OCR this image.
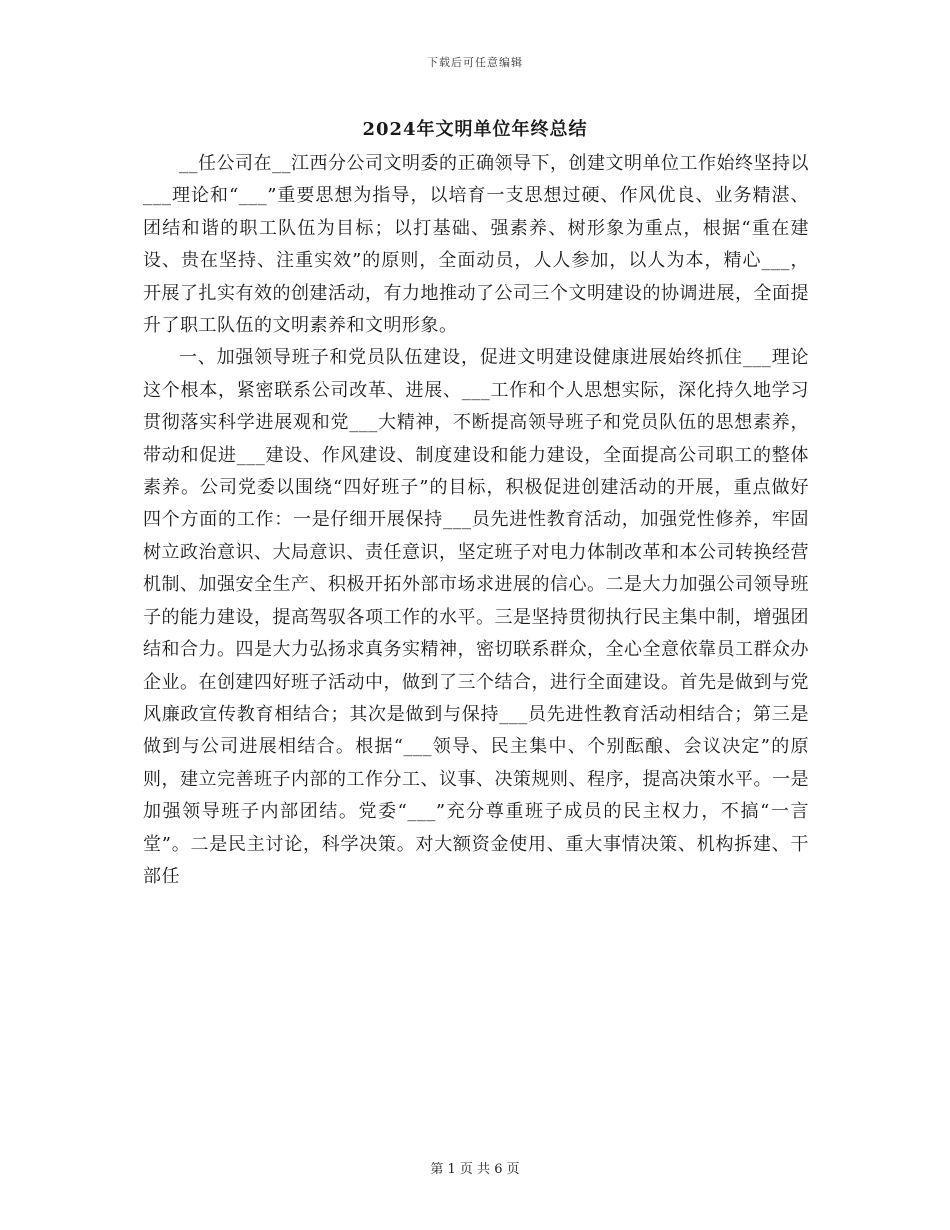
下载后可任意编辑
2024年文明单位年终总结

__任公司在__江西分公司文明委的正确领导下，创建文明单位工作始终坚持以___理论和“___”重要思想为指导，以培育一支思想过硬、作风优良、业务精湛、团结和谐的职工队伍为目标；以打基础、强素养、树形象为重点，根据“重在建设、贵在坚持、注重实效”的原则，全面动员，人人参加，以人为本，精心___，开展了扎实有效的创建活动，有力地推动了公司三个文明建设的协调进展，全面提升了职工队伍的文明素养和文明形象。

一、加强领导班子和党员队伍建设，促进文明建设健康进展始终抓住___理论这个根本，紧密联系公司改革、进展、___工作和个人思想实际，深化持久地学习贯彻落实科学进展观和党___大精神，不断提高领导班子和党员队伍的思想素养，带动和促进___建设、作风建设、制度建设和能力建设，全面提高公司职工的整体素养。公司党委以围绕“四好班子”的目标，积极促进创建活动的开展，重点做好四个方面的工作：一是仔细开展保持___员先进性教育活动，加强党性修养，牢固树立政治意识、大局意识、责任意识，坚定班子对电力体制改革和本公司转换经营机制、加强安全生产、积极开拓外部市场求进展的信心。二是大力加强公司领导班子的能力建设，提高驾驭各项工作的水平。三是坚持贯彻执行民主集中制，增强团结和合力。四是大力弘扬求真务实精神，密切联系群众，全心全意依靠员工群众办企业。在创建四好班子活动中，做到了三个结合，进行全面建设。首先是做到与党风廉政宣传教育相结合；其次是做到与保持___员先进性教育活动相结合；第三是做到与公司进展相结合。根据“___领导、民主集中、个别酝酿、会议决定”的原则，建立完善班子内部的工作分工、议事、决策规则、程序，提高决策水平。一是加强领导班子内部团结。党委“___”充分尊重班子成员的民主权力，不搞“一言堂”。二是民主讨论，科学决策。对大额资金使用、重大事情决策、机构拆建、干部任

第 1 页 共 6 页
